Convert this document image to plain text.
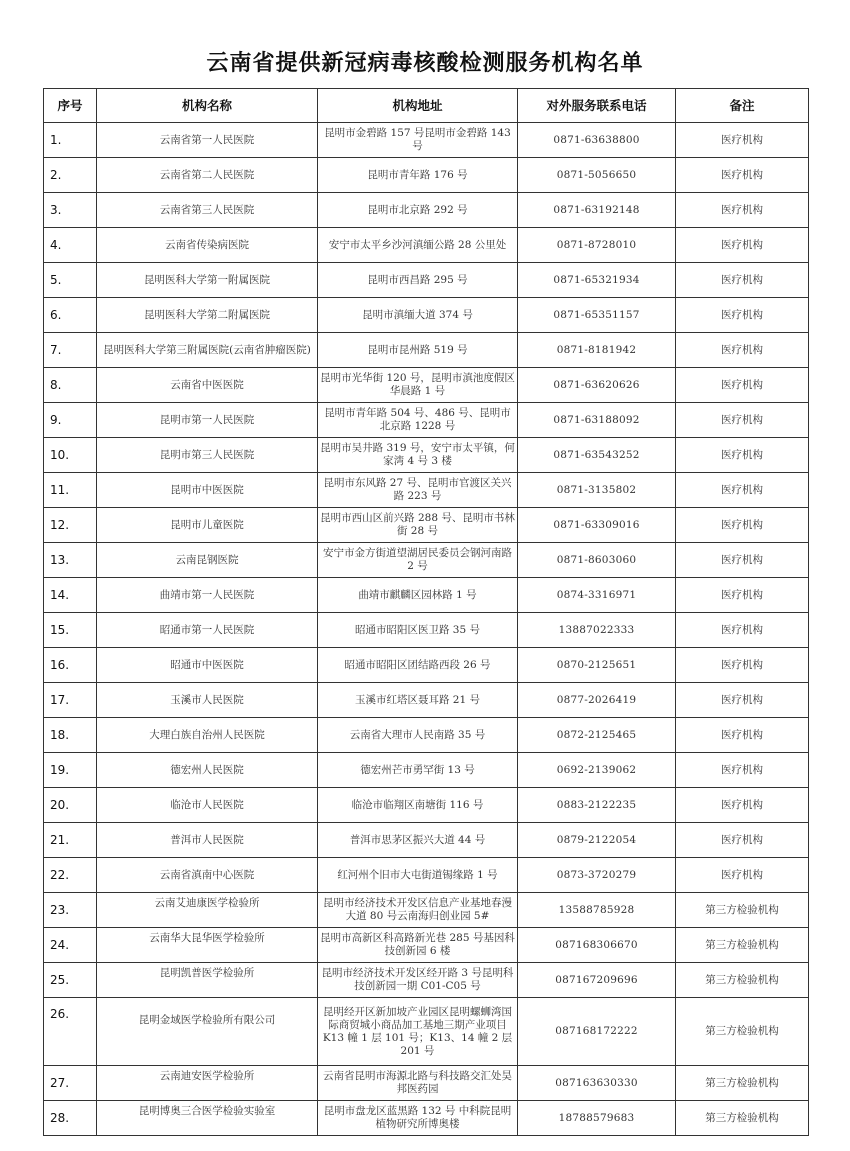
云南省提供新冠病毒核酸检测服务机构名单
序号	机构名称	机构地址	对外服务联系电话	备注
1.	云南省第一人民医院	昆明市金碧路 157 号昆明市金碧路 143 号	0871-63638800	医疗机构
2.	云南省第二人民医院	昆明市青年路 176 号	0871-5056650	医疗机构
3.	云南省第三人民医院	昆明市北京路 292 号	0871-63192148	医疗机构
4.	云南省传染病医院	安宁市太平乡沙河滇缅公路 28 公里处	0871-8728010	医疗机构
5.	昆明医科大学第一附属医院	昆明市西昌路 295 号	0871-65321934	医疗机构
6.	昆明医科大学第二附属医院	昆明市滇缅大道 374 号	0871-65351157	医疗机构
7.	昆明医科大学第三附属医院(云南省肿瘤医院)	昆明市昆州路 519 号	0871-8181942	医疗机构
8.	云南省中医医院	昆明市光华街 120 号，昆明市滇池度假区华晨路 1 号	0871-63620626	医疗机构
9.	昆明市第一人民医院	昆明市青年路 504 号、486 号、昆明市北京路 1228 号	0871-63188092	医疗机构
10.	昆明市第三人民医院	昆明市吴井路 319 号，安宁市太平镇，何家湾 4 号 3 楼	0871-63543252	医疗机构
11.	昆明市中医医院	昆明市东风路 27 号、昆明市官渡区关兴路 223 号	0871-3135802	医疗机构
12.	昆明市儿童医院	昆明市西山区前兴路 288 号、昆明市书林街 28 号	0871-63309016	医疗机构
13.	云南昆钢医院	安宁市金方街道望湖居民委员会钢河南路 2 号	0871-8603060	医疗机构
14.	曲靖市第一人民医院	曲靖市麒麟区园林路 1 号	0874-3316971	医疗机构
15.	昭通市第一人民医院	昭通市昭阳区医卫路 35 号	13887022333	医疗机构
16.	昭通市中医医院	昭通市昭阳区团结路西段 26 号	0870-2125651	医疗机构
17.	玉溪市人民医院	玉溪市红塔区聂耳路 21 号	0877-2026419	医疗机构
18.	大理白族自治州人民医院	云南省大理市人民南路 35 号	0872-2125465	医疗机构
19.	德宏州人民医院	德宏州芒市勇罕街 13 号	0692-2139062	医疗机构
20.	临沧市人民医院	临沧市临翔区南塘街 116 号	0883-2122235	医疗机构
21.	普洱市人民医院	普洱市思茅区振兴大道 44 号	0879-2122054	医疗机构
22.	云南省滇南中心医院	红河州个旧市大屯街道锡缘路 1 号	0873-3720279	医疗机构
23.	云南艾迪康医学检验所	昆明市经济技术开发区信息产业基地春漫大道 80 号云南海归创业园 5#	13588785928	第三方检验机构
24.	云南华大昆华医学检验所	昆明市高新区科高路新光巷 285 号基因科技创新园 6 楼	087168306670	第三方检验机构
25.	昆明凯普医学检验所	昆明市经济技术开发区经开路 3 号昆明科技创新园一期 C01-C05 号	087167209696	第三方检验机构
26.	昆明金域医学检验所有限公司	昆明经开区新加坡产业园区昆明螺蛳湾国际商贸城小商品加工基地三期产业项目 K13 幢 1 层 101 号；K13、14 幢 2 层 201 号	087168172222	第三方检验机构
27.	云南迪安医学检验所	云南省昆明市海源北路与科技路交汇处昊邦医药园	087163630330	第三方检验机构
28.	昆明博奥三合医学检验实验室	昆明市盘龙区蓝黑路 132 号 中科院昆明植物研究所博奥楼	18788579683	第三方检验机构
